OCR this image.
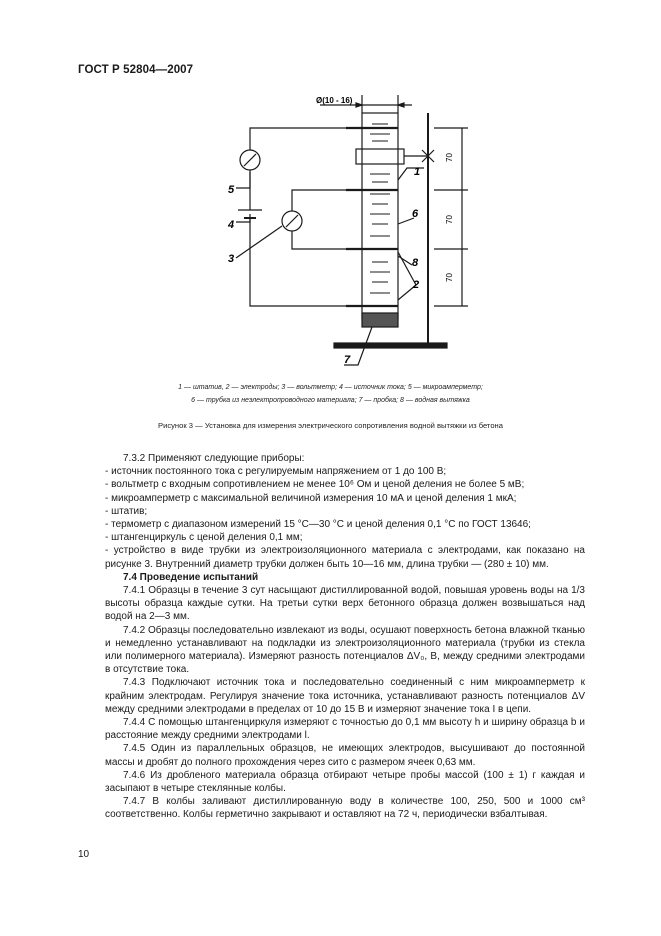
ГОСТ Р 52804—2007
Ø(10 - 16)
70
70
70
1
2
3
4
5
6
7
8
1 — штатив, 2 — электроды; 3 — вольтметр; 4 — источник тока; 5 — микроамперметр;
6 — трубка из неэлектропроводного материала; 7 — пробка; 8 — водная вытяжка
Рисунок 3 — Установка для измерения электрического сопротивления водной вытяжки из бетона

7.3.2 Применяют следующие приборы:

- источник постоянного тока с регулируемым напряжением от 1 до 100 В;

- вольтметр с входным сопротивлением не менее 10⁶ Ом и ценой деления не более 5 мВ;

- микроамперметр с максимальной величиной измерения 10 мА и ценой деления 1 мкА;

- штатив;

- термометр с диапазоном измерений 15 °С—30 °С и ценой деления 0,1 °С по ГОСТ 13646;

- штангенциркуль с ценой деления 0,1 мм;

- устройство в виде трубки из электроизоляционного материала с электродами, как показано на рисунке 3. Внутренний диаметр трубки должен быть 10—16 мм, длина трубки — (280 ± 10) мм.

7.4 Проведение испытаний

7.4.1 Образцы в течение 3 сут насыщают дистиллированной водой, повышая уровень воды на 1/3 высоты образца каждые сутки. На третьи сутки верх бетонного образца должен возвышаться над водой на 2—3 мм.

7.4.2 Образцы последовательно извлекают из воды, осушают поверхность бетона влажной тканью и немедленно устанавливают на подкладки из электроизоляционного материала (трубки из стекла или полимерного материала). Измеряют разность потенциалов ΔV₀, В, между средними электродами в отсутствие тока.

7.4.3 Подключают источник тока и последовательно соединенный с ним микроамперметр к крайним электродам. Регулируя значение тока источника, устанавливают разность потенциалов ΔV между средними электродами в пределах от 10 до 15 В и измеряют значение тока I в цепи.

7.4.4 С помощью штангенциркуля измеряют с точностью до 0,1 мм высоту h и ширину образца b и расстояние между средними электродами l.

7.4.5 Один из параллельных образцов, не имеющих электродов, высушивают до постоянной массы и дробят до полного прохождения через сито с размером ячеек 0,63 мм.

7.4.6 Из дробленого материала образца отбирают четыре пробы массой (100 ± 1) г каждая и засыпают в четыре стеклянные колбы.

7.4.7 В колбы заливают дистиллированную воду в количестве 100, 250, 500 и 1000 см³ соответственно. Колбы герметично закрывают и оставляют на 72 ч, периодически взбалтывая.

10
